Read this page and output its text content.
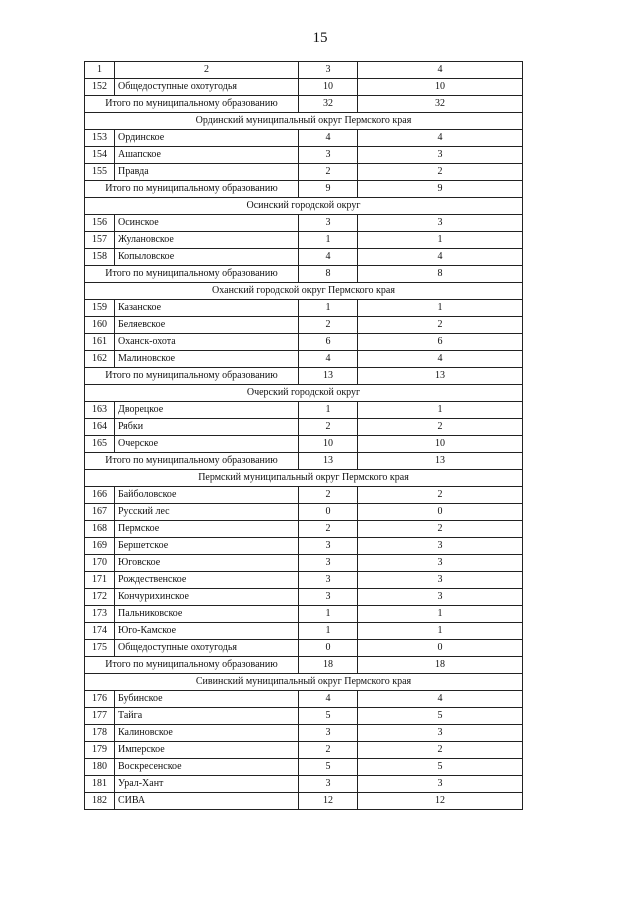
15
1	2	3	4
152	Общедоступные охотугодья	10	10
Итого по муниципальному образованию		32	32
Ординский муниципальный округ Пермского края			
153	Ординское	4	4
154	Ашапское	3	3
155	Правда	2	2
Итого по муниципальному образованию		9	9
Осинский городской округ			
156	Осинское	3	3
157	Жулановское	1	1
158	Копыловское	4	4
Итого по муниципальному образованию		8	8
Оханский городской округ Пермского края			
159	Казанское	1	1
160	Беляевское	2	2
161	Оханск-охота	6	6
162	Малиновское	4	4
Итого по муниципальному образованию		13	13
Очерский городской округ			
163	Дворецкое	1	1
164	Рябки	2	2
165	Очерское	10	10
Итого по муниципальному образованию		13	13
Пермский муниципальный округ Пермского края			
166	Байболовское	2	2
167	Русский лес	0	0
168	Пермское	2	2
169	Бершетское	3	3
170	Юговское	3	3
171	Рождественское	3	3
172	Кончурихинское	3	3
173	Пальниковское	1	1
174	Юго-Камское	1	1
175	Общедоступные охотугодья	0	0
Итого по муниципальному образованию		18	18
Сивинский муниципальный округ Пермского края			
176	Бубинское	4	4
177	Тайга	5	5
178	Калиновское	3	3
179	Имперское	2	2
180	Воскресенское	5	5
181	Урал-Хант	3	3
182	СИВА	12	12
